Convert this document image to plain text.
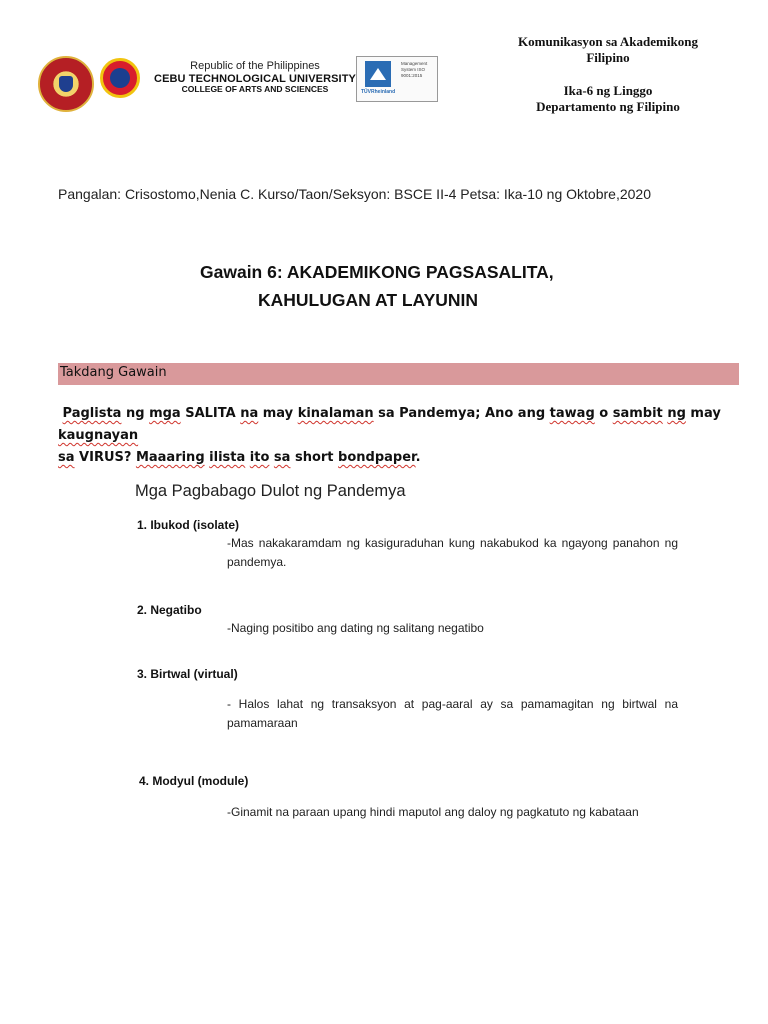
Republic of the Philippines
CEBU TECHNOLOGICAL UNIVERSITY
COLLEGE OF ARTS AND SCIENCES	TÜVRheinland
Management System ISO 9001:2015
Komunikasyon sa Akademikong
Filipino
Ika-6 ng Linggo
Departamento ng Filipino
Pangalan: Crisostomo,Nenia C. Kurso/Taon/Seksyon: BSCE II-4 Petsa: Ika-10 ng Oktobre,2020
Gawain 6: AKADEMIKONG PAGSASALITA,
KAHULUGAN AT LAYUNIN
Takdang Gawain
Paglista ng mga SALITA na may kinalaman sa Pandemya; Ano ang tawag o sambit ng may kaugnayan
sa VIRUS? Maaaring ilista ito sa short bondpaper.
Mga Pagbabago Dulot ng Pandemya
1. Ibukod (isolate)
-Mas nakakaramdam ng kasiguraduhan kung nakabukod ka ngayong panahon ng pandemya.
2. Negatibo
-Naging positibo ang dating ng salitang negatibo
3. Birtwal (virtual)
- Halos lahat ng transaksyon at pag-aaral ay sa pamamagitan ng birtwal na pamamaraan
4. Modyul (module)
-Ginamit na paraan upang hindi maputol ang daloy ng pagkatuto ng kabataan
